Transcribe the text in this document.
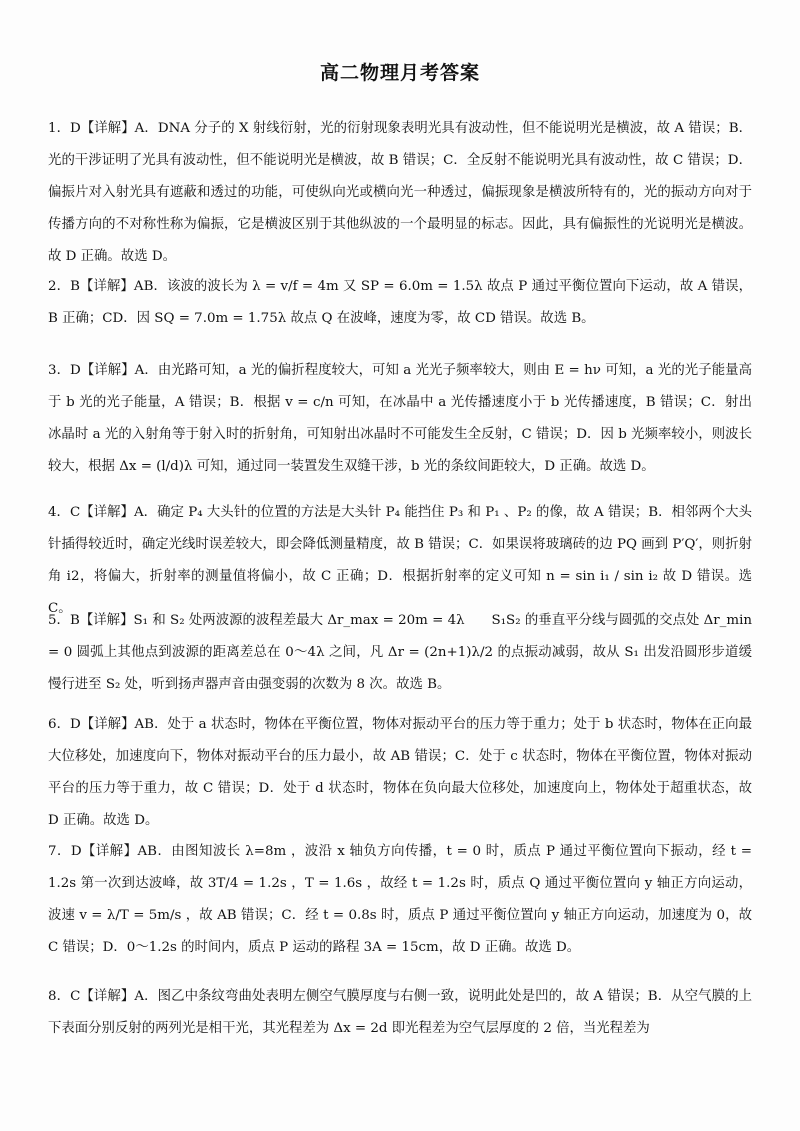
高二物理月考答案
1．D【详解】A．DNA 分子的 X 射线衍射，光的衍射现象表明光具有波动性，但不能说明光是横波，故 A 错误；B．光的干涉证明了光具有波动性，但不能说明光是横波，故 B 错误；C．全反射不能说明光具有波动性，故 C 错误；D．偏振片对入射光具有遮蔽和透过的功能，可使纵向光或横向光一种透过，偏振现象是横波所特有的，光的振动方向对于传播方向的不对称性称为偏振，它是横波区别于其他纵波的一个最明显的标志。因此，具有偏振性的光说明光是横波。故 D 正确。故选 D。
2．B【详解】AB．该波的波长为 λ = v/f = 4m 又 SP = 6.0m = 1.5λ 故点 P 通过平衡位置向下运动，故 A 错误，B 正确；CD．因 SQ = 7.0m = 1.75λ 故点 Q 在波峰，速度为零，故 CD 错误。故选 B。
3．D【详解】A．由光路可知，a 光的偏折程度较大，可知 a 光光子频率较大，则由 E = hν 可知，a 光的光子能量高于 b 光的光子能量，A 错误；B．根据 v = c/n 可知，在冰晶中 a 光传播速度小于 b 光传播速度，B 错误；C．射出冰晶时 a 光的入射角等于射入时的折射角，可知射出冰晶时不可能发生全反射，C 错误；D．因 b 光频率较小，则波长较大，根据 Δx = (l/d)λ 可知，通过同一装置发生双缝干涉，b 光的条纹间距较大，D 正确。故选 D。
4．C【详解】A．确定 P₄ 大头针的位置的方法是大头针 P₄ 能挡住 P₃ 和 P₁ 、P₂ 的像，故 A 错误；B．相邻两个大头针插得较近时，确定光线时误差较大，即会降低测量精度，故 B 错误；C．如果误将玻璃砖的边 PQ 画到 P′Q′，则折射角 i2，将偏大，折射率的测量值将偏小，故 C 正确；D．根据折射率的定义可知 n = sin i₁ / sin i₂ 故 D 错误。选 C。
5．B【详解】S₁ 和 S₂ 处两波源的波程差最大 Δr_max = 20m = 4λ　　S₁S₂ 的垂直平分线与圆弧的交点处 Δr_min = 0 圆弧上其他点到波源的距离差总在 0～4λ 之间，凡 Δr = (2n+1)λ/2 的点振动减弱，故从 S₁ 出发沿圆形步道缓慢行进至 S₂ 处，听到扬声器声音由强变弱的次数为 8 次。故选 B。
6．D【详解】AB．处于 a 状态时，物体在平衡位置，物体对振动平台的压力等于重力；处于 b 状态时，物体在正向最大位移处，加速度向下，物体对振动平台的压力最小，故 AB 错误；C．处于 c 状态时，物体在平衡位置，物体对振动平台的压力等于重力，故 C 错误；D．处于 d 状态时，物体在负向最大位移处，加速度向上，物体处于超重状态，故 D 正确。故选 D。
7．D【详解】AB．由图知波长 λ=8m ，波沿 x 轴负方向传播，t = 0 时，质点 P 通过平衡位置向下振动，经 t = 1.2s 第一次到达波峰，故 3T/4 = 1.2s ，T = 1.6s ，故经 t = 1.2s 时，质点 Q 通过平衡位置向 y 轴正方向运动，波速 v = λ/T = 5m/s ，故 AB 错误；C．经 t = 0.8s 时，质点 P 通过平衡位置向 y 轴正方向运动，加速度为 0，故 C 错误；D．0～1.2s 的时间内，质点 P 运动的路程 3A = 15cm，故 D 正确。故选 D。
8．C【详解】A．图乙中条纹弯曲处表明左侧空气膜厚度与右侧一致，说明此处是凹的，故 A 错误；B．从空气膜的上下表面分别反射的两列光是相干光，其光程差为 Δx = 2d 即光程差为空气层厚度的 2 倍，当光程差为
